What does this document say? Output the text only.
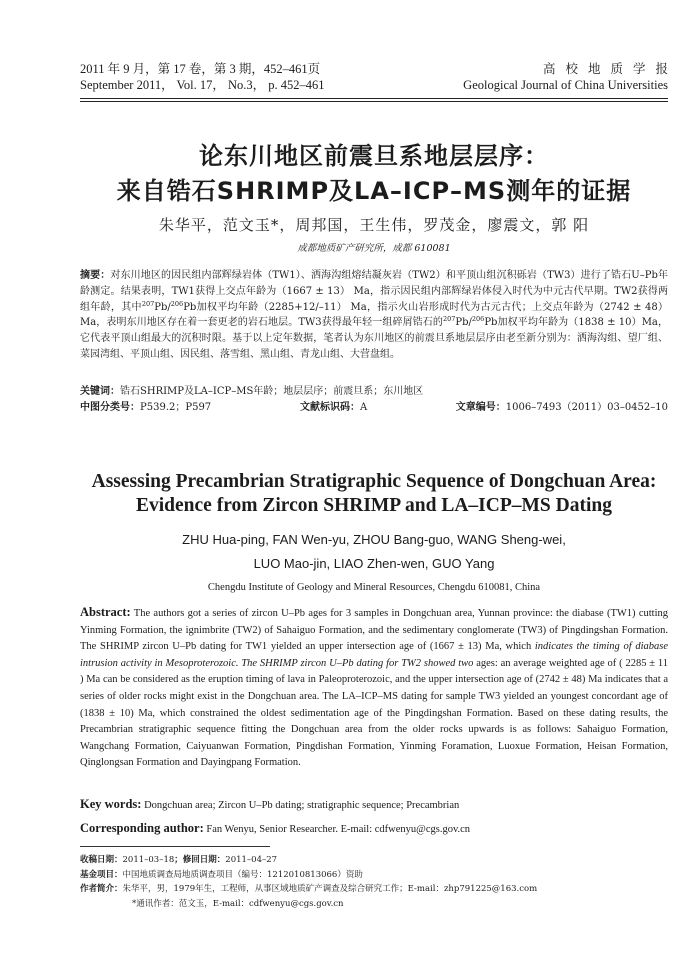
2011 年 9 月，第 17 卷，第 3 期，452–461页
September 2011， Vol. 17， No.3， p. 452–461
高校地质学报
Geological Journal of China Universities
论东川地区前震旦系地层层序：
来自锆石SHRIMP及LA–ICP–MS测年的证据
朱华平，范文玉*，周邦国，王生伟，罗茂金，廖震文，郭 阳
成都地质矿产研究所，成都 610081
摘要：对东川地区的因民组内部辉绿岩体（TW1）、洒海沟组熔结凝灰岩（TW2）和平顶山组沉积砾岩（TW3）进行了锆石U–Pb年龄测定。结果表明，TW1获得上交点年龄为（1667 ± 13） Ma，指示因民组内部辉绿岩体侵入时代为中元古代早期。TW2获得两组年龄，其中$^{207}$Pb/$^{206}$Pb加权平均年龄（2285+12/–11） Ma，指示火山岩形成时代为古元古代；上交点年龄为（2742 ± 48）Ma，表明东川地区存在着一套更老的岩石地层。TW3获得最年轻一组碎屑锆石的$^{207}$Pb/$^{206}$Pb加权平均年龄为（1838 ± 10）Ma，它代表平顶山组最大的沉积时限。基于以上定年数据，笔者认为东川地区的前震旦系地层层序由老至新分别为：洒海沟组、望厂组、菜园湾组、平顶山组、因民组、落雪组、黑山组、青龙山组、大营盘组。
关键词：锆石SHRIMP及LA–ICP–MS年龄；地层层序；前震旦系；东川地区
中图分类号：P539.2；P597	文献标识码：A	文章编号：1006–7493（2011）03–0452–10
Assessing Precambrian Stratigraphic Sequence of Dongchuan Area:
Evidence from Zircon SHRIMP and LA–ICP–MS Dating
ZHU Hua-ping, FAN Wen-yu, ZHOU Bang-guo, WANG Sheng-wei,
LUO Mao-jin, LIAO Zhen-wen, GUO Yang
Chengdu Institute of Geology and Mineral Resources, Chengdu 610081, China
Abstract: The authors got a series of zircon U–Pb ages for 3 samples in Dongchuan area, Yunnan province: the diabase (TW1) cutting Yinming Formation, the ignimbrite (TW2) of Sahaiguo Formation, and the sedimentary conglomerate (TW3) of Pingdingshan Formation. The SHRIMP zircon U–Pb dating for TW1 yielded an upper intersection age of (1667 ± 13) Ma, which indicates the timing of diabase intrusion activity in Mesoproterozoic. The SHRIMP zircon U–Pb dating for TW2 showed two ages: an average weighted age of ( 2285 ± 11 ) Ma can be considered as the eruption timing of lava in Paleoproterozoic, and the upper intersection age of (2742 ± 48) Ma indicates that a series of older rocks might exist in the Dongchuan area. The LA–ICP–MS dating for sample TW3 yielded an youngest concordant age of (1838 ± 10) Ma, which constrained the oldest sedimentation age of the Pingdingshan Formation. Based on these dating results, the Precambrian stratigraphic sequence fitting the Dongchuan area from the older rocks upwards is as follows: Sahaiguo Formation, Wangchang Formation, Caiyuanwan Formation, Pingdishan Formation, Yinming Foramation, Luoxue Formation, Heisan Formation, Qinglongsan Formation and Dayingpang Formation.
Key words: Dongchuan area; Zircon U–Pb dating; stratigraphic sequence; Precambrian
Corresponding author: Fan Wenyu, Senior Researcher. E-mail: cdfwenyu@cgs.gov.cn
收稿日期：2011–03–18；修回日期：2011–04–27
基金项目：中国地质调查局地质调查项目（编号：1212010813066）资助
作者简介：朱华平，男，1979年生，工程师，从事区域地质矿产调查及综合研究工作；E-mail：zhp791225@163.com
*通讯作者：范文玉，E-mail：cdfwenyu@cgs.gov.cn
